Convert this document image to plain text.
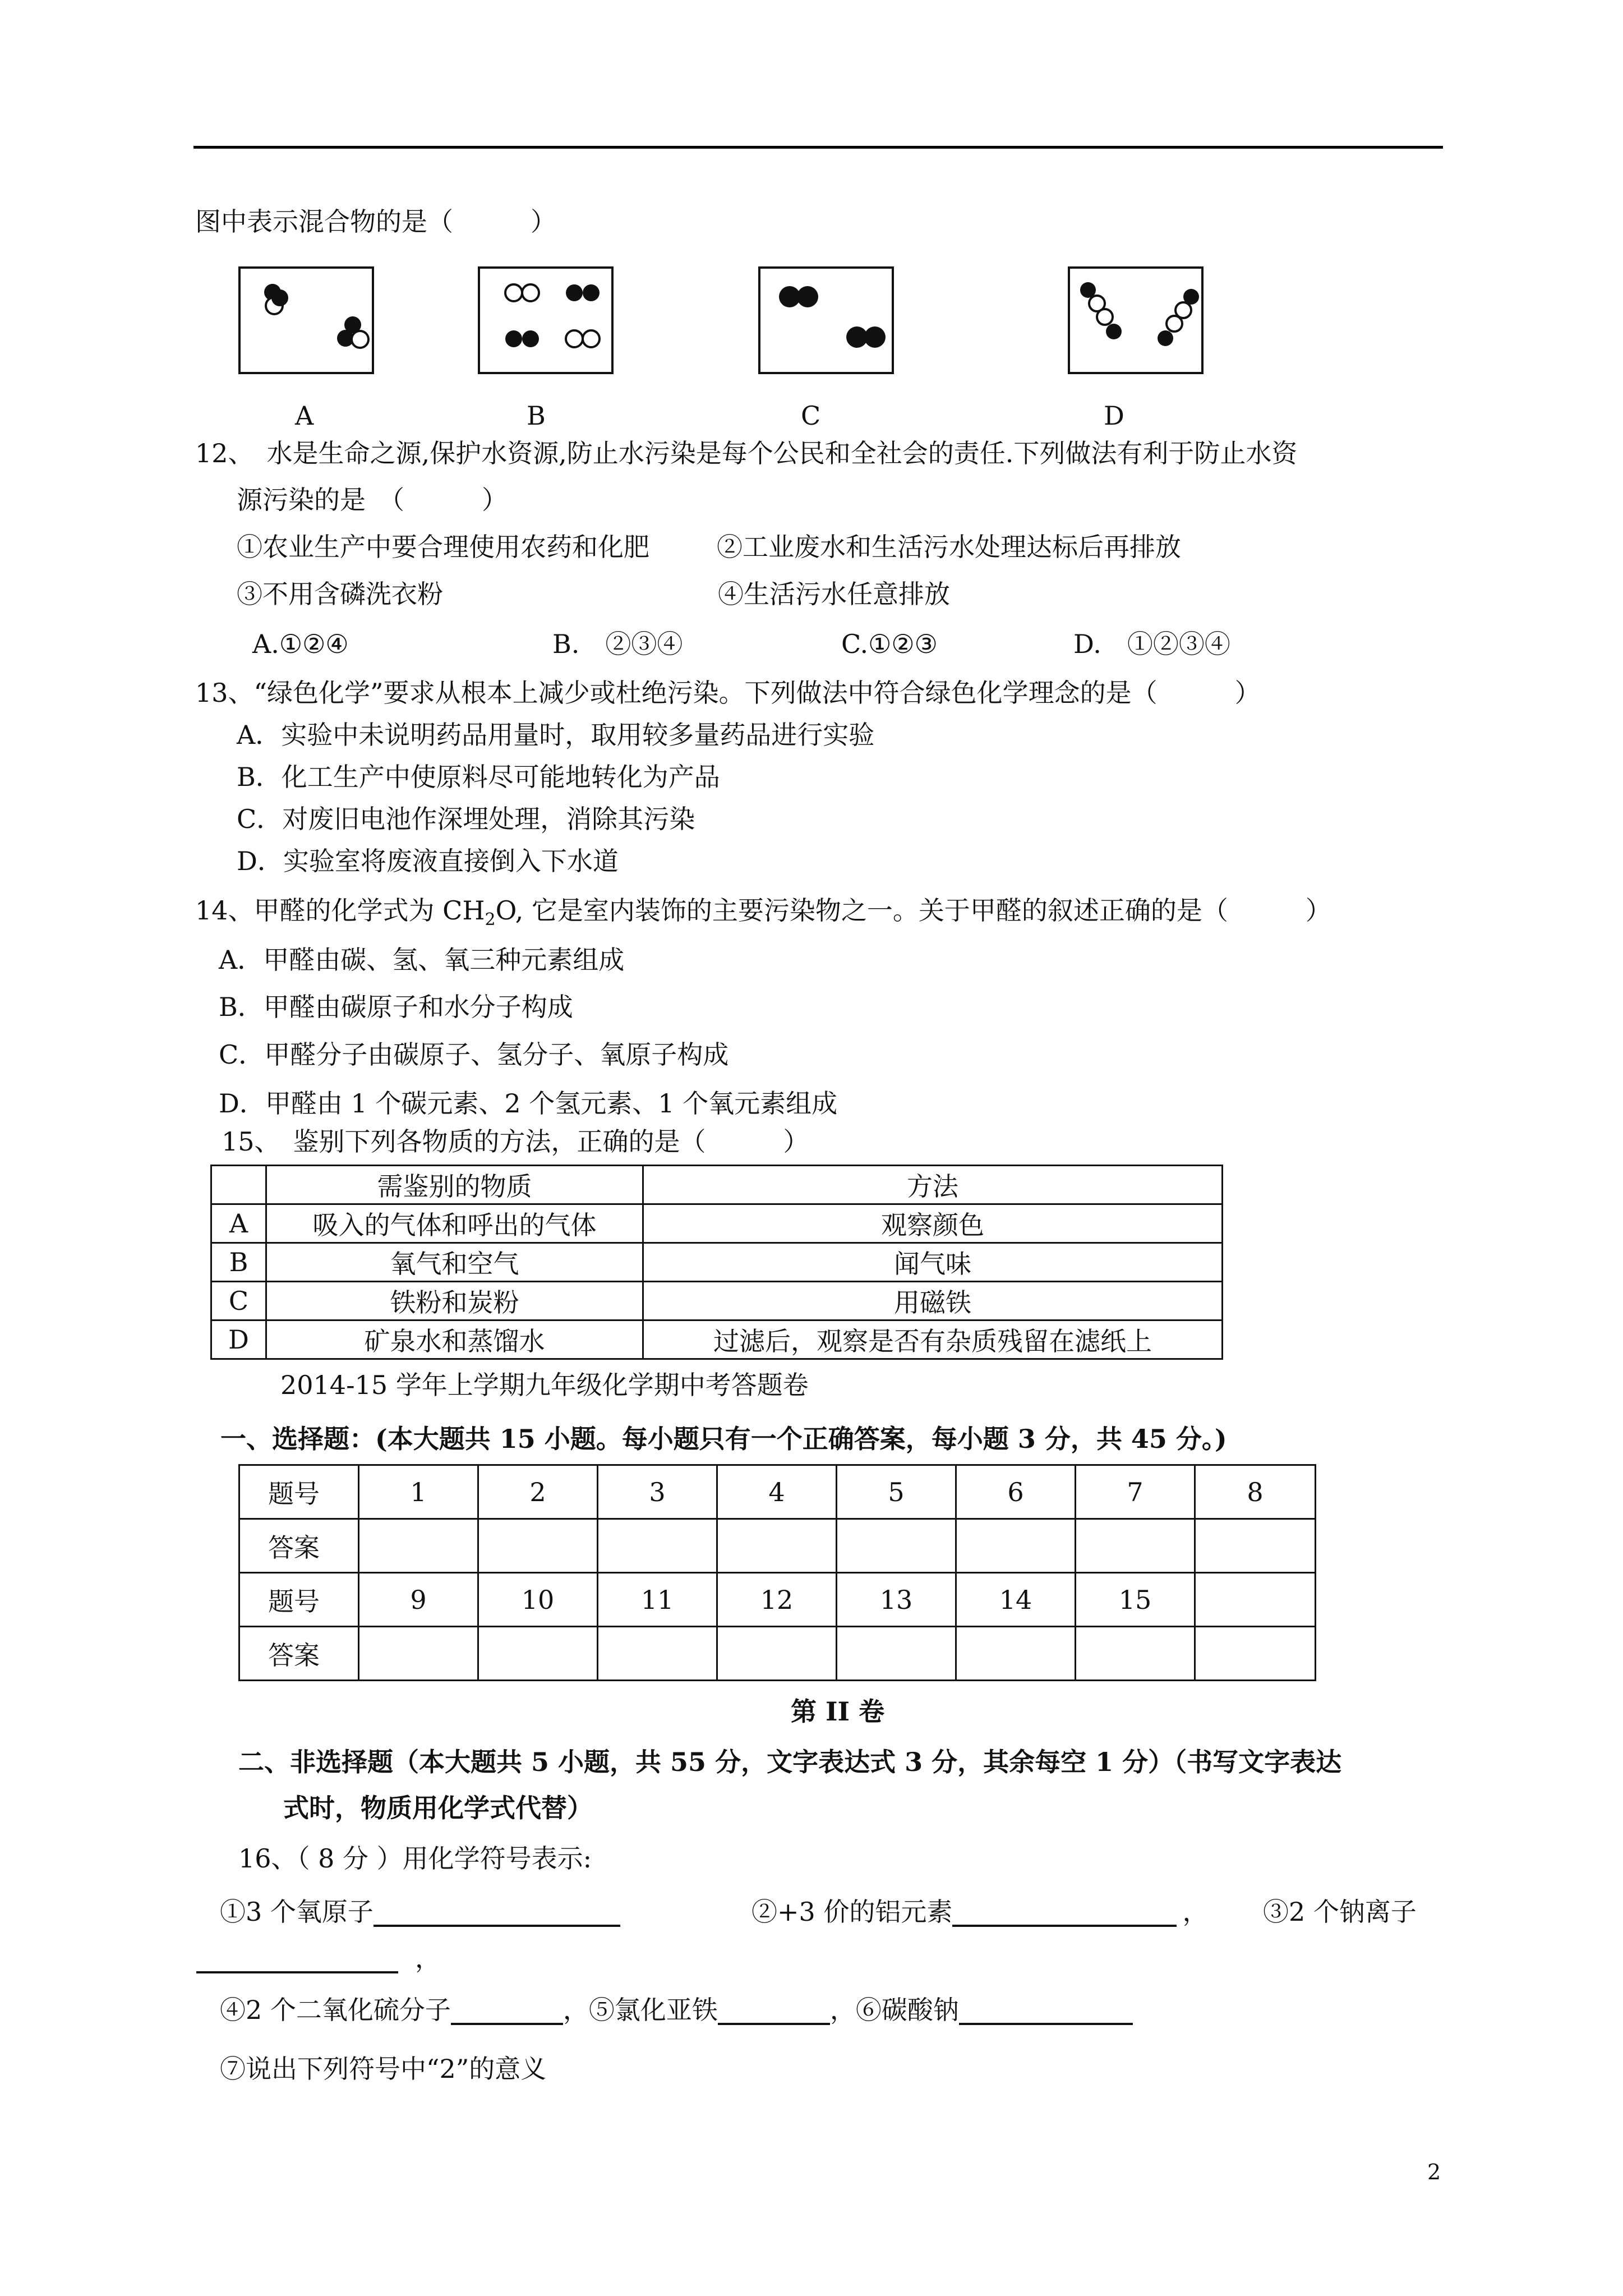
图中表示混合物的是（　　　）
A	B	C	D
12、　水是生命之源,保护水资源,防止水污染是每个公民和全社会的责任.下列做法有利于防止水资
源污染的是　（　　　）
①农业生产中要合理使用农药和化肥	②工业废水和生活污水处理达标后再排放
③不用含磷洗衣粉	④生活污水任意排放
A.①②④	B.　②③④	C.①②③	D.　①②③④
13、“绿色化学”要求从根本上减少或杜绝污染。下列做法中符合绿色化学理念的是（　　　）
A．实验中未说明药品用量时，取用较多量药品进行实验
B．化工生产中使原料尽可能地转化为产品
C．对废旧电池作深埋处理，消除其污染
D．实验室将废液直接倒入下水道
14、甲醛的化学式为 $CH_2O$, 它是室内装饰的主要污染物之一。关于甲醛的叙述正确的是（　　　）
A．甲醛由碳、氢、氧三种元素组成
B．甲醛由碳原子和水分子构成
C．甲醛分子由碳原子、氢分子、氧原子构成
D．甲醛由 1 个碳元素、2 个氢元素、1 个氧元素组成
15、　鉴别下列各物质的方法，正确的是（　　　）
	需鉴别的物质	方法
A	吸入的气体和呼出的气体	观察颜色
B	氧气和空气	闻气味
C	铁粉和炭粉	用磁铁
D	矿泉水和蒸馏水	过滤后，观察是否有杂质残留在滤纸上
2014-15 学年上学期九年级化学期中考答题卷
一、选择题：(本大题共 15 小题。每小题只有一个正确答案，每小题 3 分，共 45 分。)
题号	1	2	3	4	5	6	7	8
答案								
题号	9	10	11	12	13	14	15	
答案								
第 II 卷
二、非选择题（本大题共 5 小题，共 55 分，文字表达式 3 分，其余每空 1 分）（书写文字表达
式时，物质用化学式代替）
16、（ 8 分 ）用化学符号表示:
①3 个氧原子	②+3 价的铝元素	， ③2 个钠离子
，
④2 个二氧化硫分子	，⑤氯化亚铁	，⑥碳酸钠
⑦说出下列符号中“2”的意义
2
